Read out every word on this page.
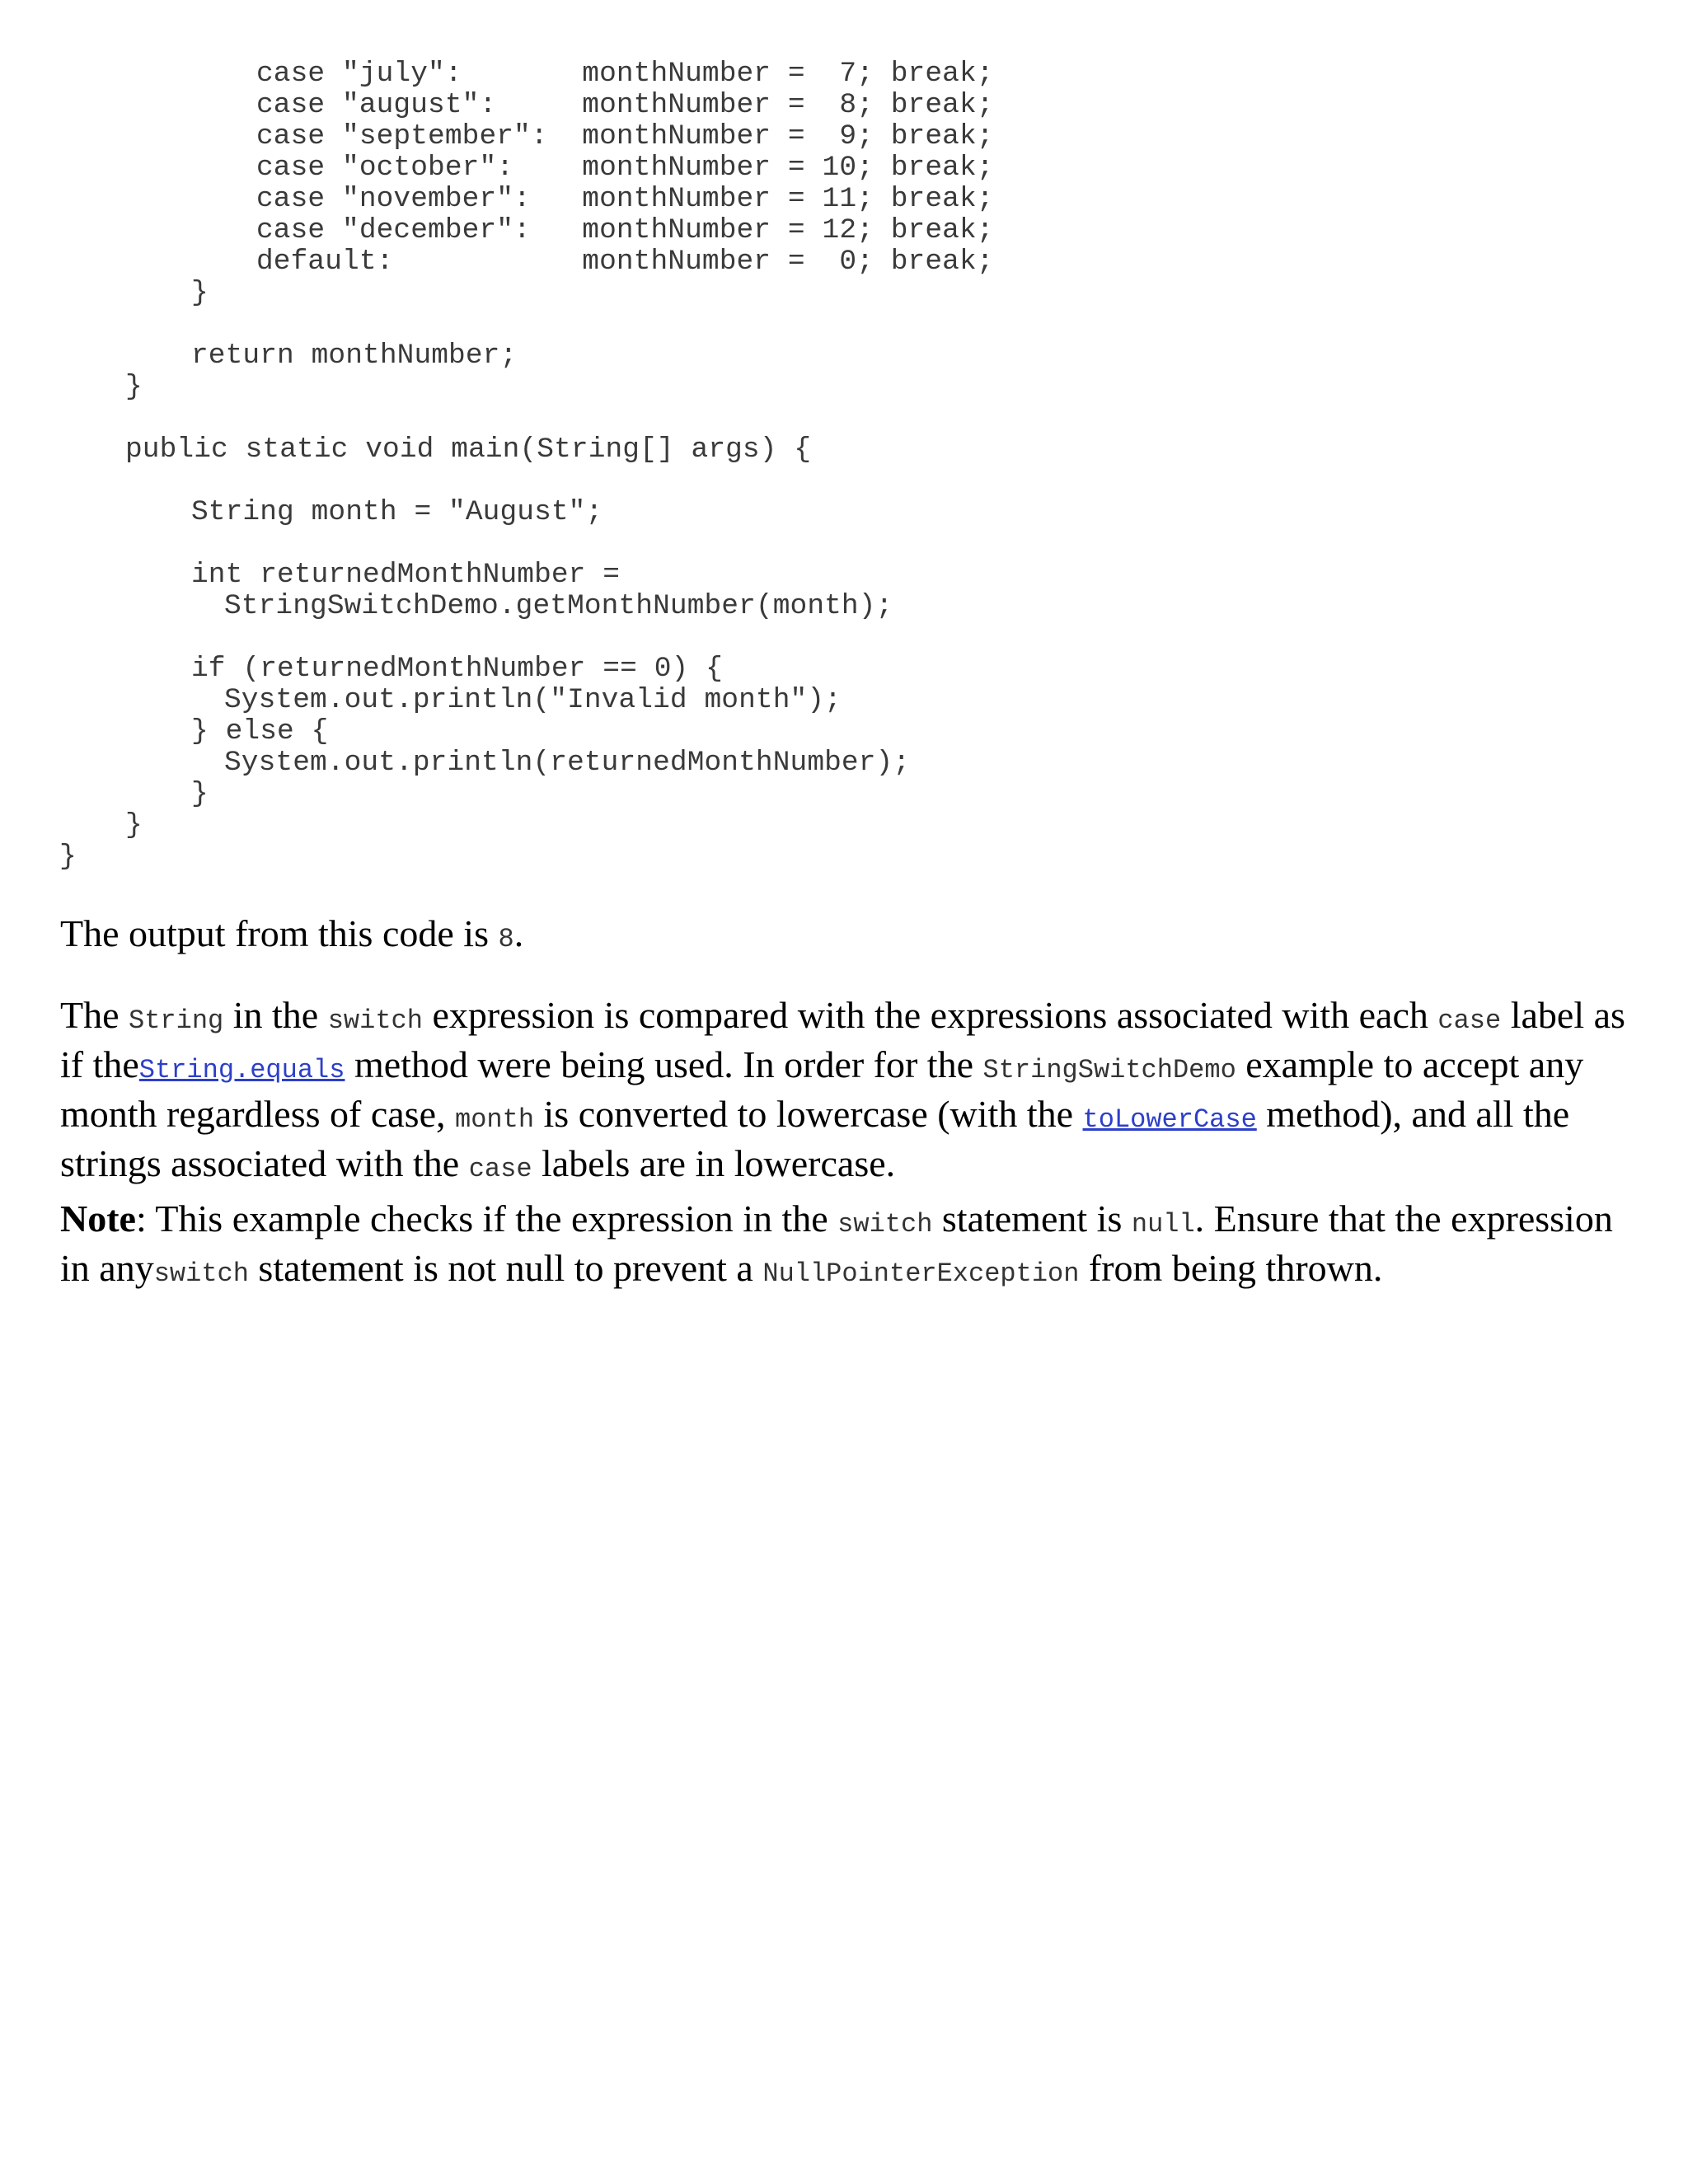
case "july":       monthNumber =  7; break;
case "august":     monthNumber =  8; break;
case "september":  monthNumber =  9; break;
case "october":    monthNumber = 10; break;
case "november":   monthNumber = 11; break;
case "december":   monthNumber = 12; break;
default:           monthNumber =  0; break;
}
return monthNumber;
}
public static void main(String[] args) {
String month = "August";
int returnedMonthNumber =
StringSwitchDemo.getMonthNumber(month);
if (returnedMonthNumber == 0) {
System.out.println("Invalid month");
} else {
System.out.println(returnedMonthNumber);
}
}
}

The output from this code is 8.

The String in the switch expression is compared with the expressions associated with each case label as if theString.equals method were being used. In order for the StringSwitchDemo example to accept any month regardless of case, month is converted to lowercase (with the toLowerCase method), and all the strings associated with the case labels are in lowercase.

Note: This example checks if the expression in the switch statement is null. Ensure that the expression in anyswitch statement is not null to prevent a NullPointerException from being thrown.
